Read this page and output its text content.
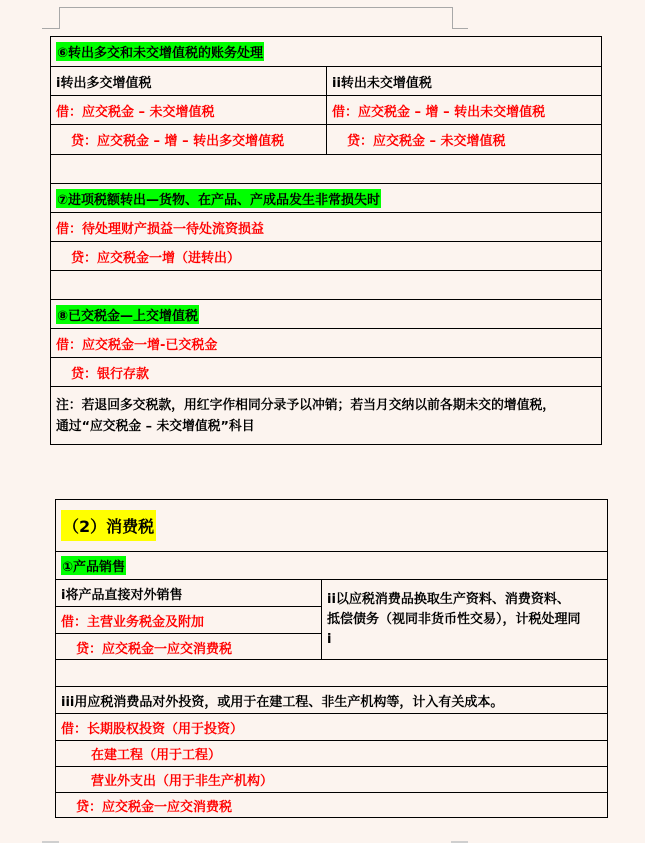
⑥转出多交和未交增值税的账务处理
ⅰ转出多交增值税	ⅰⅰ转出未交增值税
借：应交税金 – 未交增值税	借：应交税金 – 增 – 转出未交增值税
贷：应交税金 – 增 – 转出多交增值税	贷：应交税金 – 未交增值税
⑦进项税额转出—货物、在产品、产成品发生非常损失时
借：待处理财产损益一待处流资损益
贷：应交税金一增（进转出）
⑧已交税金—上交增值税
借：应交税金一增-已交税金
贷：银行存款
注：若退回多交税款，用红字作相同分录予以冲销；若当月交纳以前各期未交的增值税，
通过“应交税金 – 未交增值税”科目
（2）消费税
①产品销售
ⅰ将产品直接对外销售
借：主营业务税金及附加
贷：应交税金一应交消费税
ⅰⅰ以应税消费品换取生产资料、消费资料、
抵偿债务（视同非货币性交易），计税处理同
ⅰ
ⅰⅰⅰ用应税消费品对外投资，或用于在建工程、非生产机构等，计入有关成本。
借：长期股权投资（用于投资）
在建工程（用于工程）
营业外支出（用于非生产机构）
贷：应交税金一应交消费税
